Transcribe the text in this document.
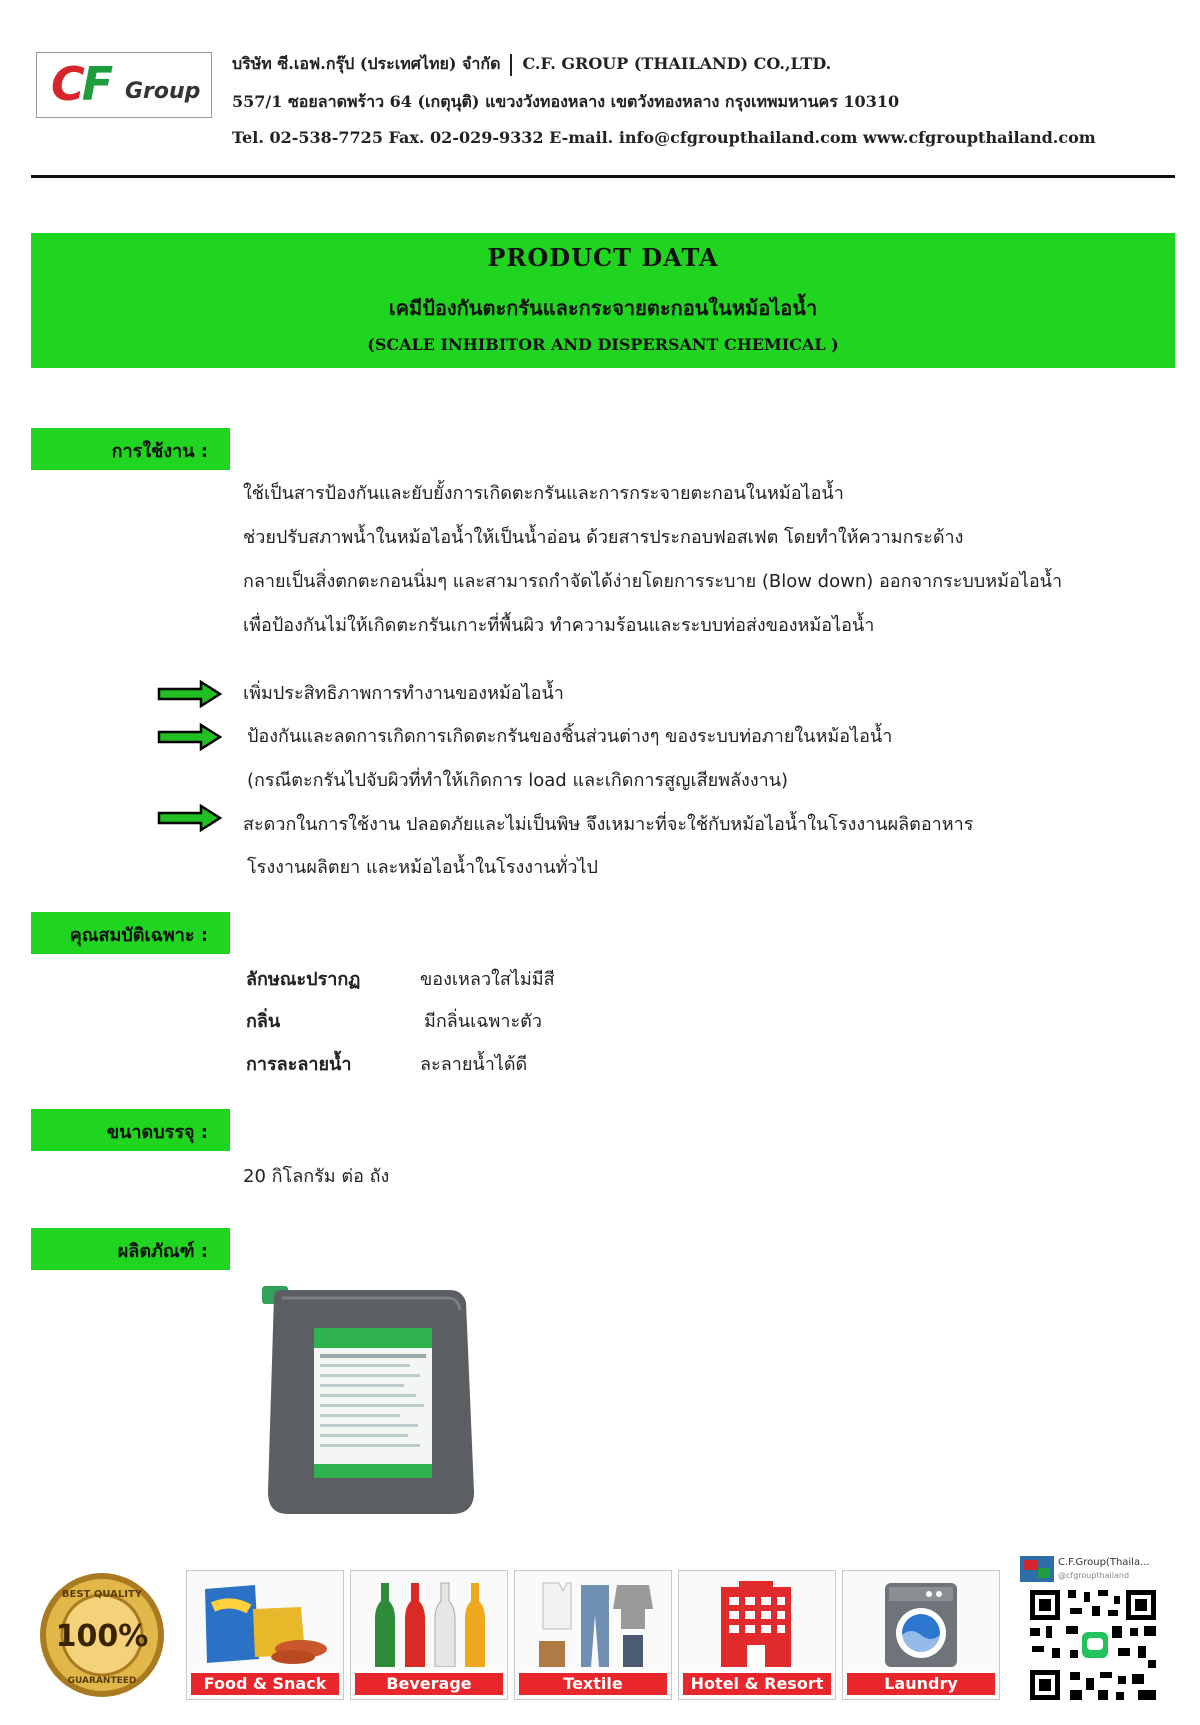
CF Group
บริษัท ซี.เอฟ.กรุ๊ป (ประเทศไทย) จำกัด C.F. GROUP (THAILAND) CO.,LTD.
557/1 ซอยลาดพร้าว 64 (เกตุนุติ) แขวงวังทองหลาง เขตวังทองหลาง กรุงเทพมหานคร 10310
Tel. 02-538-7725 Fax. 02-029-9332 E-mail. info@cfgroupthailand.com www.cfgroupthailand.com
PRODUCT DATA
เคมีป้องกันตะกรันและกระจายตะกอนในหม้อไอน้ำ
(SCALE INHIBITOR AND DISPERSANT CHEMICAL )
การใช้งาน :
ใช้เป็นสารป้องกันและยับยั้งการเกิดตะกรันและการกระจายตะกอนในหม้อไอน้ำ
ช่วยปรับสภาพน้ำในหม้อไอน้ำให้เป็นน้ำอ่อน ด้วยสารประกอบฟอสเฟต โดยทำให้ความกระด้าง
กลายเป็นสิ่งตกตะกอนนิ่มๆ และสามารถกำจัดได้ง่ายโดยการระบาย (Blow down) ออกจากระบบหม้อไอน้ำ
เพื่อป้องกันไม่ให้เกิดตะกรันเกาะที่พื้นผิว ทำความร้อนและระบบท่อส่งของหม้อไอน้ำ
เพิ่มประสิทธิภาพการทำงานของหม้อไอน้ำ
ป้องกันและลดการเกิดการเกิดตะกรันของชิ้นส่วนต่างๆ ของระบบท่อภายในหม้อไอน้ำ
(กรณีตะกรันไปจับผิวที่ทำให้เกิดการ load และเกิดการสูญเสียพลังงาน)
สะดวกในการใช้งาน ปลอดภัยและไม่เป็นพิษ จึงเหมาะที่จะใช้กับหม้อไอน้ำในโรงงานผลิตอาหาร
โรงงานผลิตยา และหม้อไอน้ำในโรงงานทั่วไป
คุณสมบัติเฉพาะ :
ลักษณะปรากฏ	ของเหลวใสไม่มีสี
กลิ่น	มีกลิ่นเฉพาะตัว
การละลายน้ำ	ละลายน้ำได้ดี
ขนาดบรรจุ :
20 กิโลกรัม ต่อ ถัง
ผลิตภัณฑ์ :
BEST QUALITY
100%
GUARANTEED	Food & Snack	Beverage	Textile	Hotel & Resort	Laundry
C.F.Group(Thaila...
@cfgroupthailand
